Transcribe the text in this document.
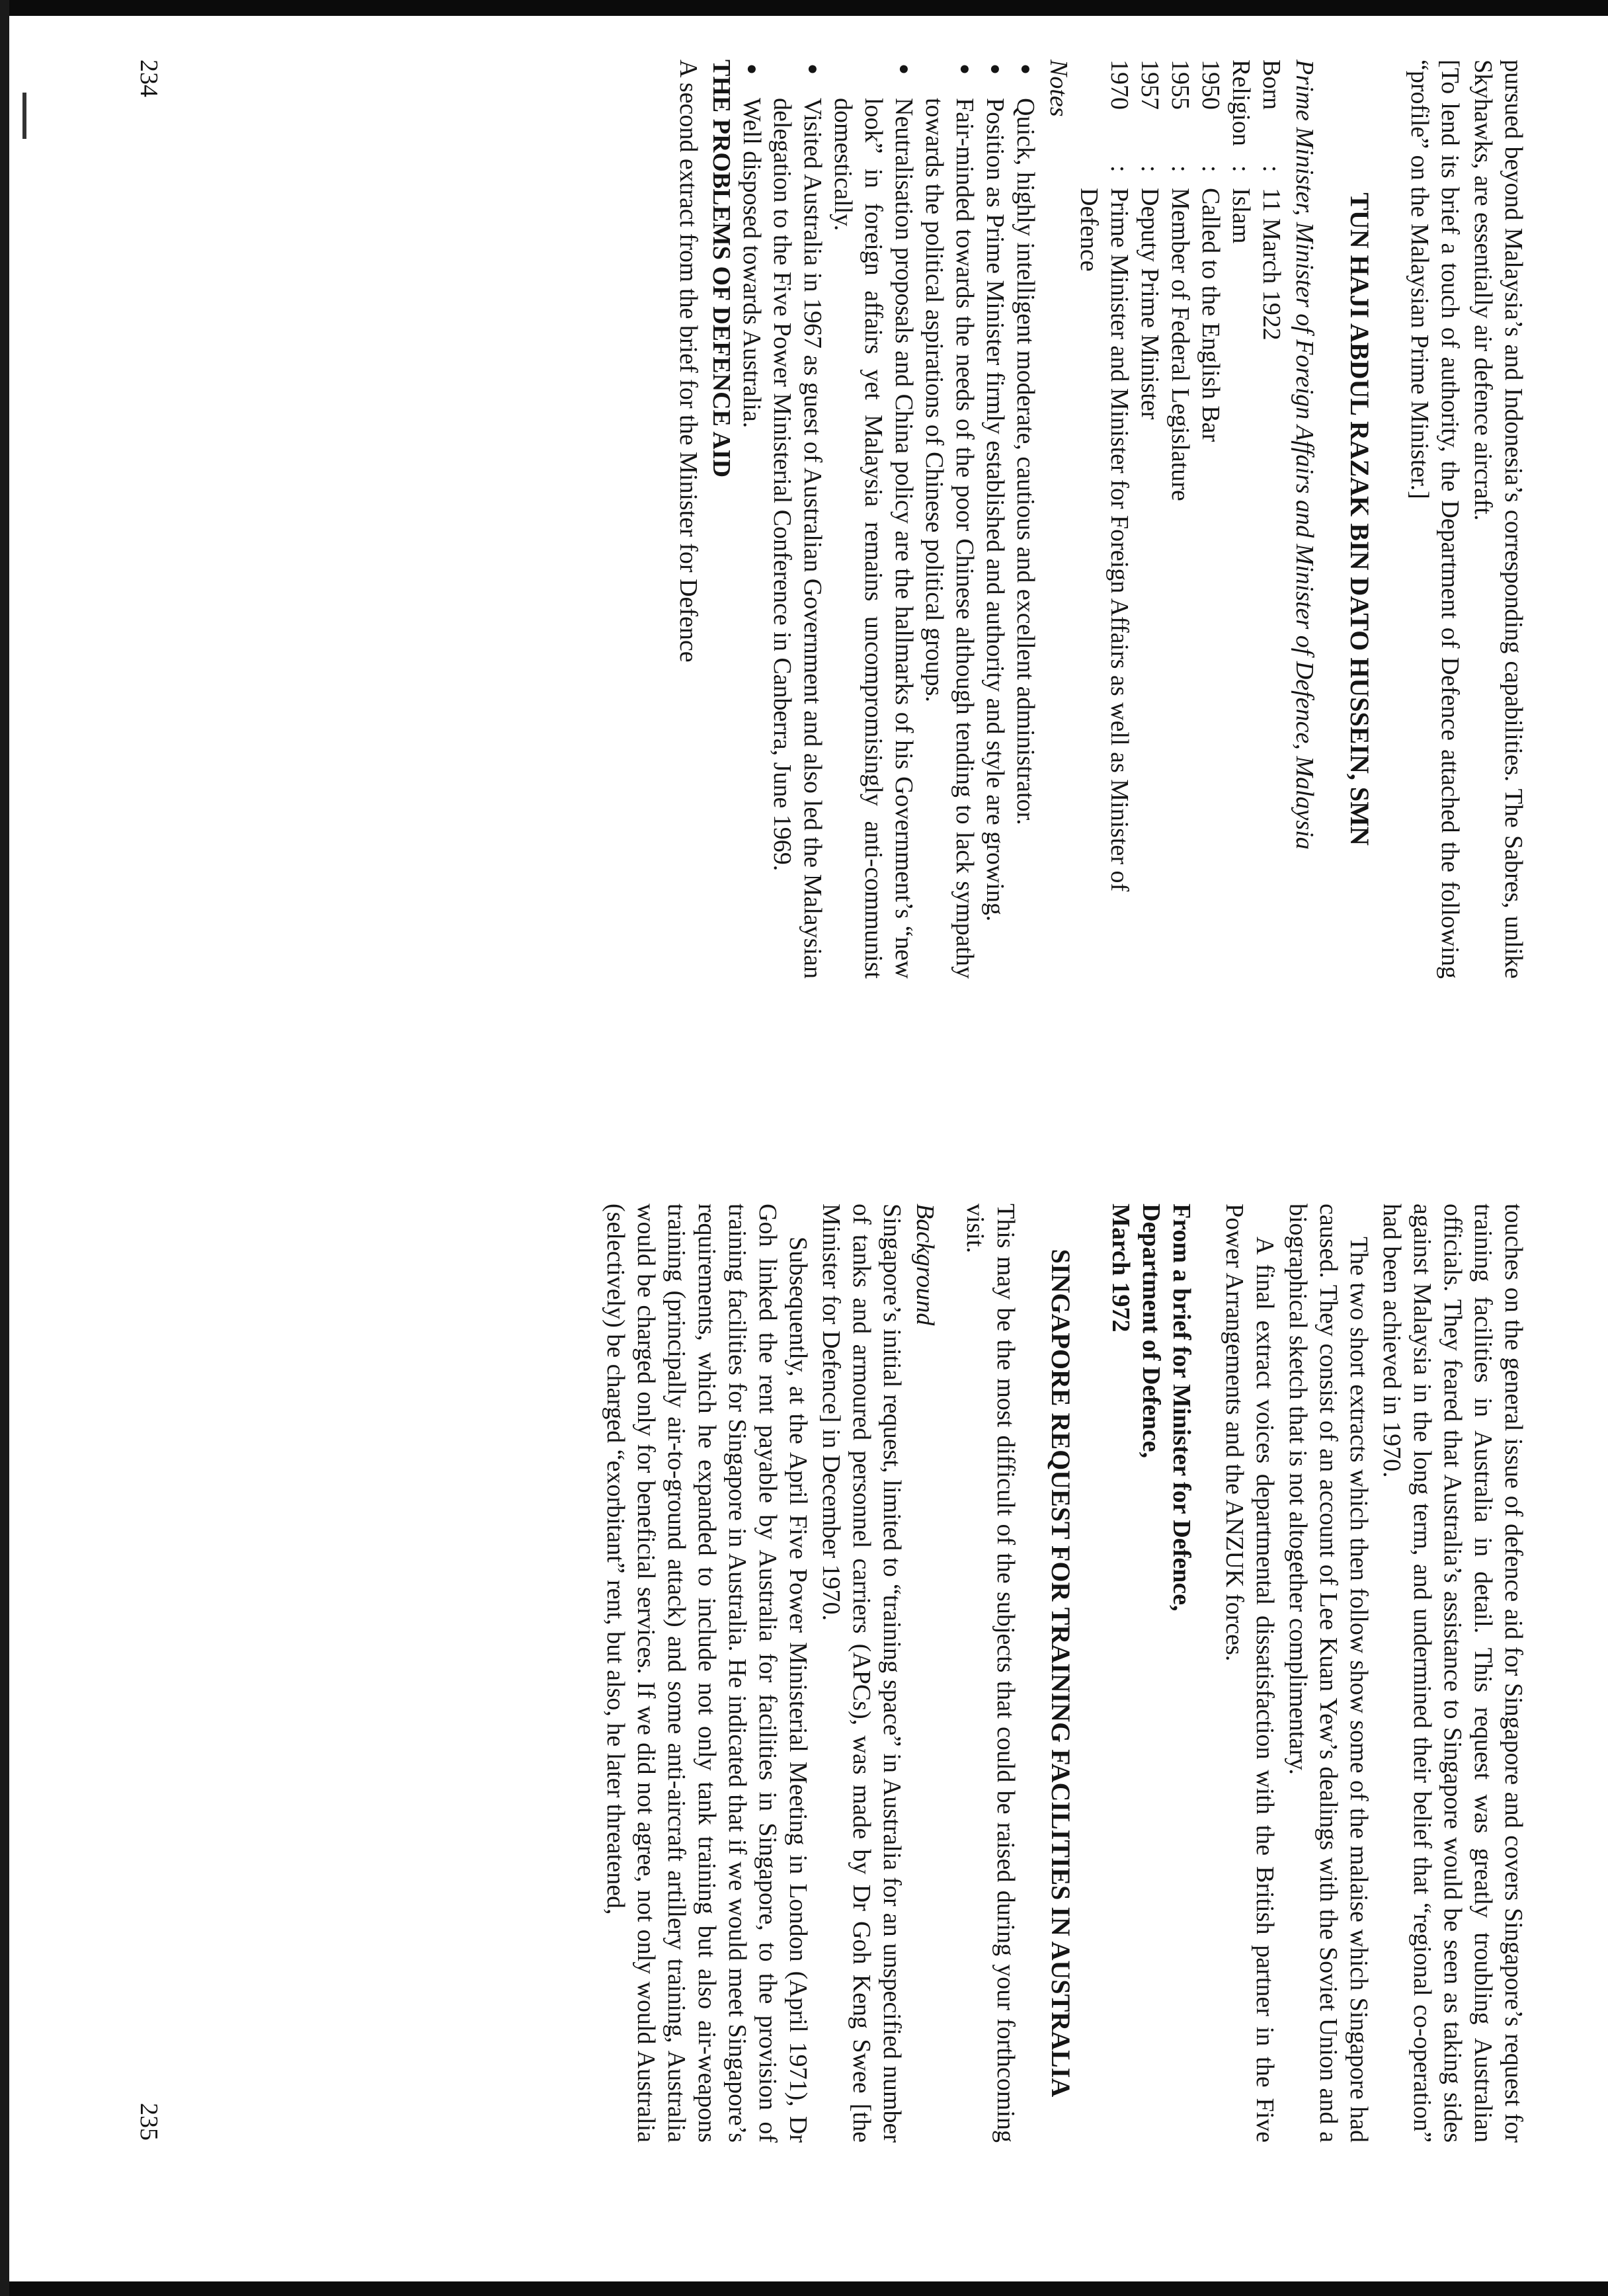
pursued beyond Malaysia’s and Indonesia’s corresponding capabilities. The Sabres, unlike Skyhawks, are essentially air defence aircraft.

[To lend its brief a touch of authority, the Department of Defence attached the following “profile” on the Malaysian Prime Minister.]

TUN HAJI ABDUL RAZAK BIN DATO HUSSEIN, SMN

Prime Minister, Minister of Foreign Affairs and Minister of Defence, Malaysia

Born
:
11 March 1922
Religion
:
Islam
1950
:
Called to the English Bar
1955
:
Member of Federal Legislature
1957
:
Deputy Prime Minister
1970
:
Prime Minister and Minister for Foreign Affairs as well as Minister of Defence

Notes

● Quick, highly intelligent moderate, cautious and excellent administrator.
● Position as Prime Minister firmly established and authority and style are growing.
● Fair-minded towards the needs of the poor Chinese although tending to lack sympathy towards the political aspirations of Chinese political groups.
● Neutralisation proposals and China policy are the hallmarks of his Government’s “new look” in foreign affairs yet Malaysia remains uncompromisingly anti-communist domestically.
● Visited Australia in 1967 as guest of Australian Government and also led the Malaysian delegation to the Five Power Ministerial Conference in Canberra, June 1969.
● Well disposed towards Australia.

THE PROBLEMS OF DEFENCE AID

A second extract from the brief for the Minister for Defence

234

touches on the general issue of defence aid for Singapore and covers Singapore’s request for training facilities in Australia in detail. This request was greatly troubling Australian officials. They feared that Australia’s assistance to Singapore would be seen as taking sides against Malaysia in the long term, and undermined their belief that “regional co-operation” had been achieved in 1970.

The two short extracts which then follow show some of the malaise which Singapore had caused. They consist of an account of Lee Kuan Yew’s dealings with the Soviet Union and a biographical sketch that is not altogether complimentary.

A final extract voices departmental dissatisfaction with the British partner in the Five Power Arrangements and the ANZUK forces.

From a brief for Minister for Defence,
Department of Defence,
March 1972
SINGAPORE REQUEST FOR TRAINING FACILITIES IN AUSTRALIA

This may be the most difficult of the subjects that could be raised during your forthcoming visit.

Background

Singapore’s initial request, limited to “training space” in Australia for an unspecified number of tanks and armoured personnel carriers (APCs), was made by Dr Goh Keng Swee [the Minister for Defence] in December 1970.

Subsequently, at the April Five Power Ministerial Meeting in London (April 1971), Dr Goh linked the rent payable by Australia for facilities in Singapore, to the provision of training facilities for Singapore in Australia. He indicated that if we would meet Singapore’s requirements, which he expanded to include not only tank training but also air-weapons training (principally air-to-ground attack) and some anti-aircraft artillery training, Australia would be charged only for beneficial services. If we did not agree, not only would Australia (selectively) be charged “exorbitant” rent, but also, he later threatened,

235
